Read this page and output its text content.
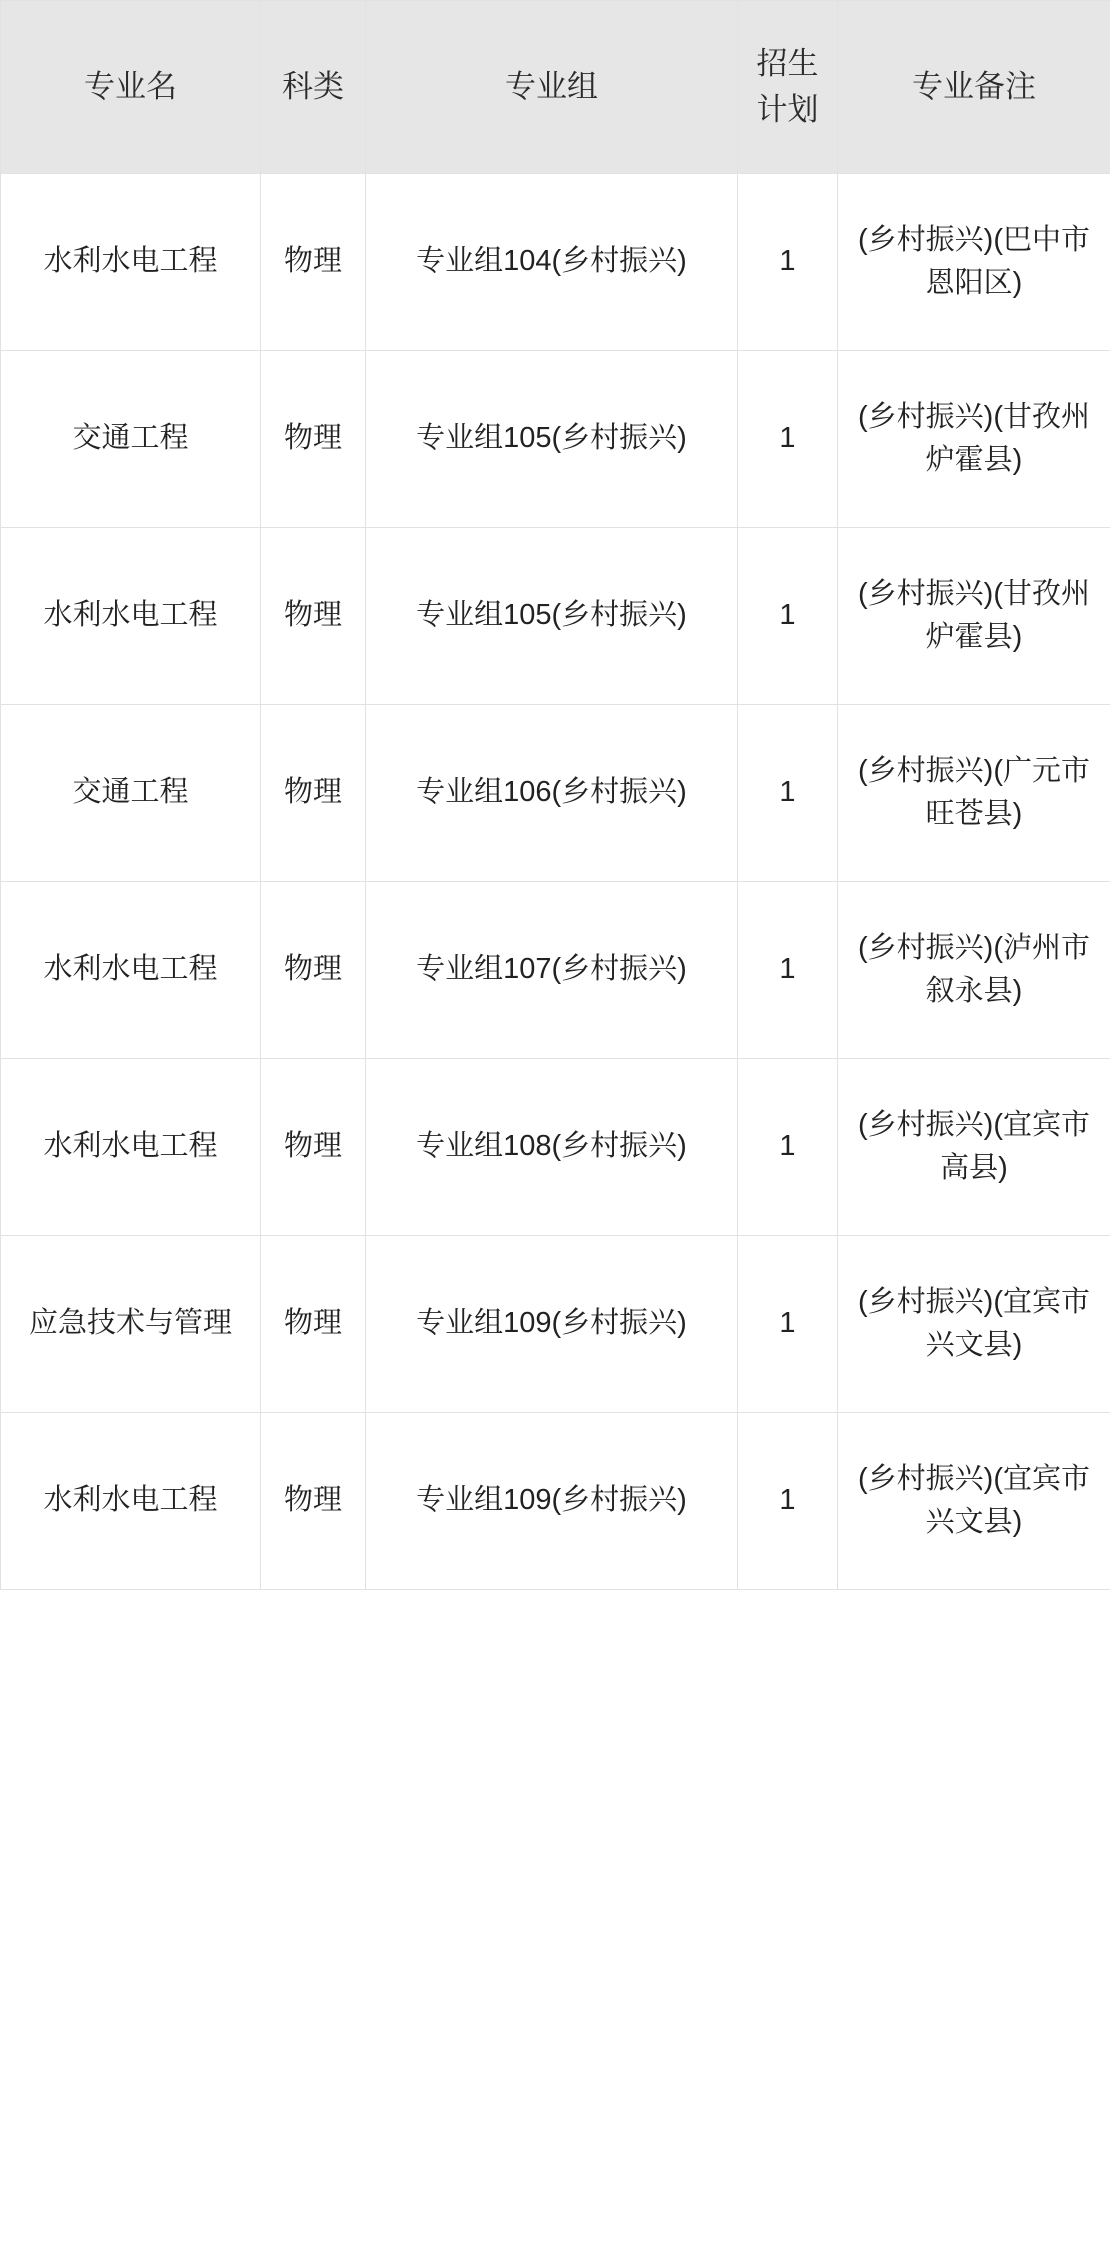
专业名	科类	专业组	招生计划	专业备注
水利水电工程	物理	专业组104(乡村振兴)	1	(乡村振兴)(巴中市恩阳区)
交通工程	物理	专业组105(乡村振兴)	1	(乡村振兴)(甘孜州炉霍县)
水利水电工程	物理	专业组105(乡村振兴)	1	(乡村振兴)(甘孜州炉霍县)
交通工程	物理	专业组106(乡村振兴)	1	(乡村振兴)(广元市旺苍县)
水利水电工程	物理	专业组107(乡村振兴)	1	(乡村振兴)(泸州市叙永县)
水利水电工程	物理	专业组108(乡村振兴)	1	(乡村振兴)(宜宾市高县)
应急技术与管理	物理	专业组109(乡村振兴)	1	(乡村振兴)(宜宾市兴文县)
水利水电工程	物理	专业组109(乡村振兴)	1	(乡村振兴)(宜宾市兴文县)
